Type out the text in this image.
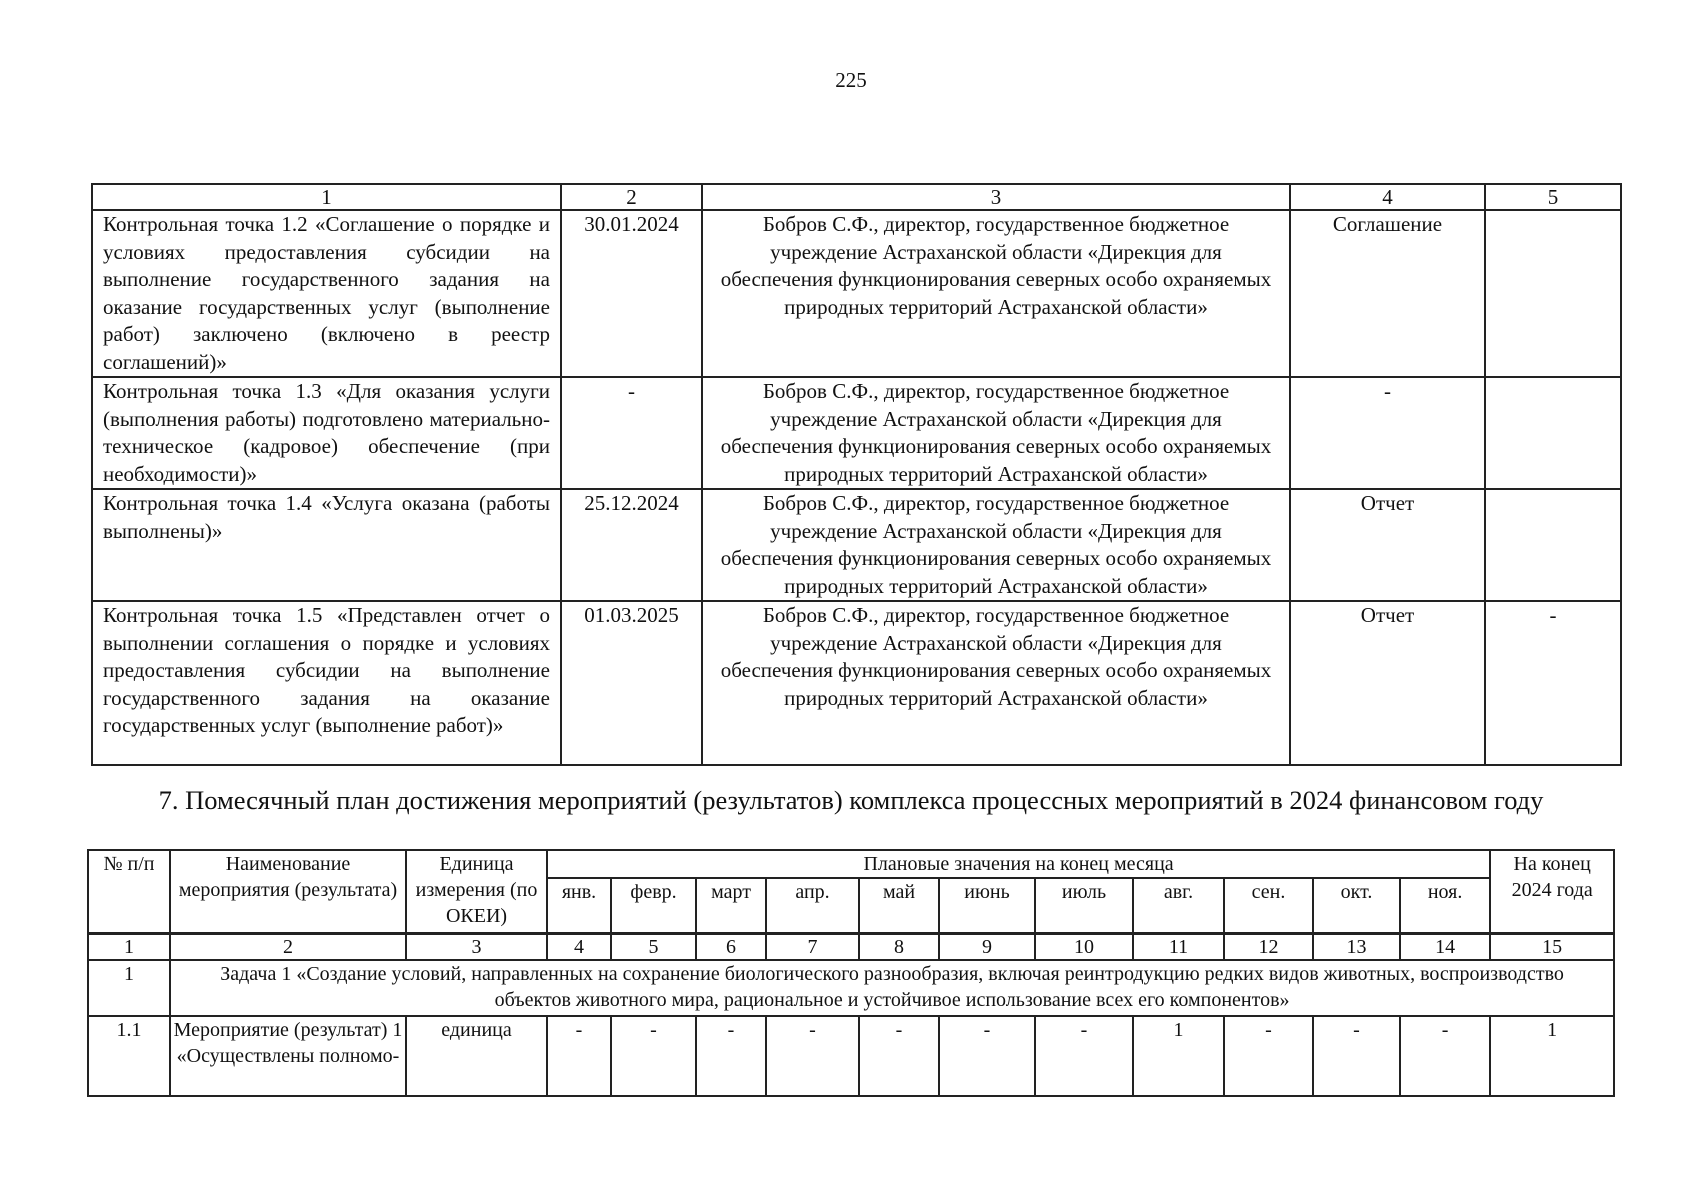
225
1	2	3	4	5
Контрольная точка 1.2 «Соглашение о порядке и условиях предоставления субсидии на выполнение государственного задания на оказание государственных услуг (выполнение работ) заключено (включено в реестр соглашений)»	30.01.2024	Бобров С.Ф., директор, государственное бюджетное учреждение Астраханской области «Дирекция для обеспечения функционирования северных особо охраняемых природных территорий Астраханской области»	Соглашение	
Контрольная точка 1.3 «Для оказания услуги (выполнения работы) подготовлено материально-техническое (кадровое) обеспечение (при необходимости)»	-	Бобров С.Ф., директор, государственное бюджетное учреждение Астраханской области «Дирекция для обеспечения функционирования северных особо охраняемых природных территорий Астраханской области»	-	
Контрольная точка 1.4 «Услуга оказана (работы выполнены)»	25.12.2024	Бобров С.Ф., директор, государственное бюджетное учреждение Астраханской области «Дирекция для обеспечения функционирования северных особо охраняемых природных территорий Астраханской области»	Отчет	
Контрольная точка 1.5 «Представлен отчет о выполнении соглашения о порядке и условиях предоставления субсидии на выполнение государственного задания на оказание государственных услуг (выполнение работ)»	01.03.2025	Бобров С.Ф., директор, государственное бюджетное учреждение Астраханской области «Дирекция для обеспечения функционирования северных особо охраняемых природных территорий Астраханской области»	Отчет	-
7. Помесячный план достижения мероприятий (результатов) комплекса процессных мероприятий в 2024 финансовом году
№ п/п	Наименование мероприятия (результата)	Единица измерения (по ОКЕИ)	Плановые значения на конец месяца											На конец 2024 года
			янв.	февр.	март	апр.	май	июнь	июль	авг.	сен.	окт.	ноя.	
1	2	3	4	5	6	7	8	9	10	11	12	13	14	15
1	Задача 1 «Создание условий, направленных на сохранение биологического разнообразия, включая реинтродукцию редких видов животных, воспроизводство объектов животного мира, рациональное и устойчивое использование всех его компонентов»													
1.1	Мероприятие (результат) 1 «Осуществлены полномо-	единица	-	-	-	-	-	-	-	1	-	-	-	1
